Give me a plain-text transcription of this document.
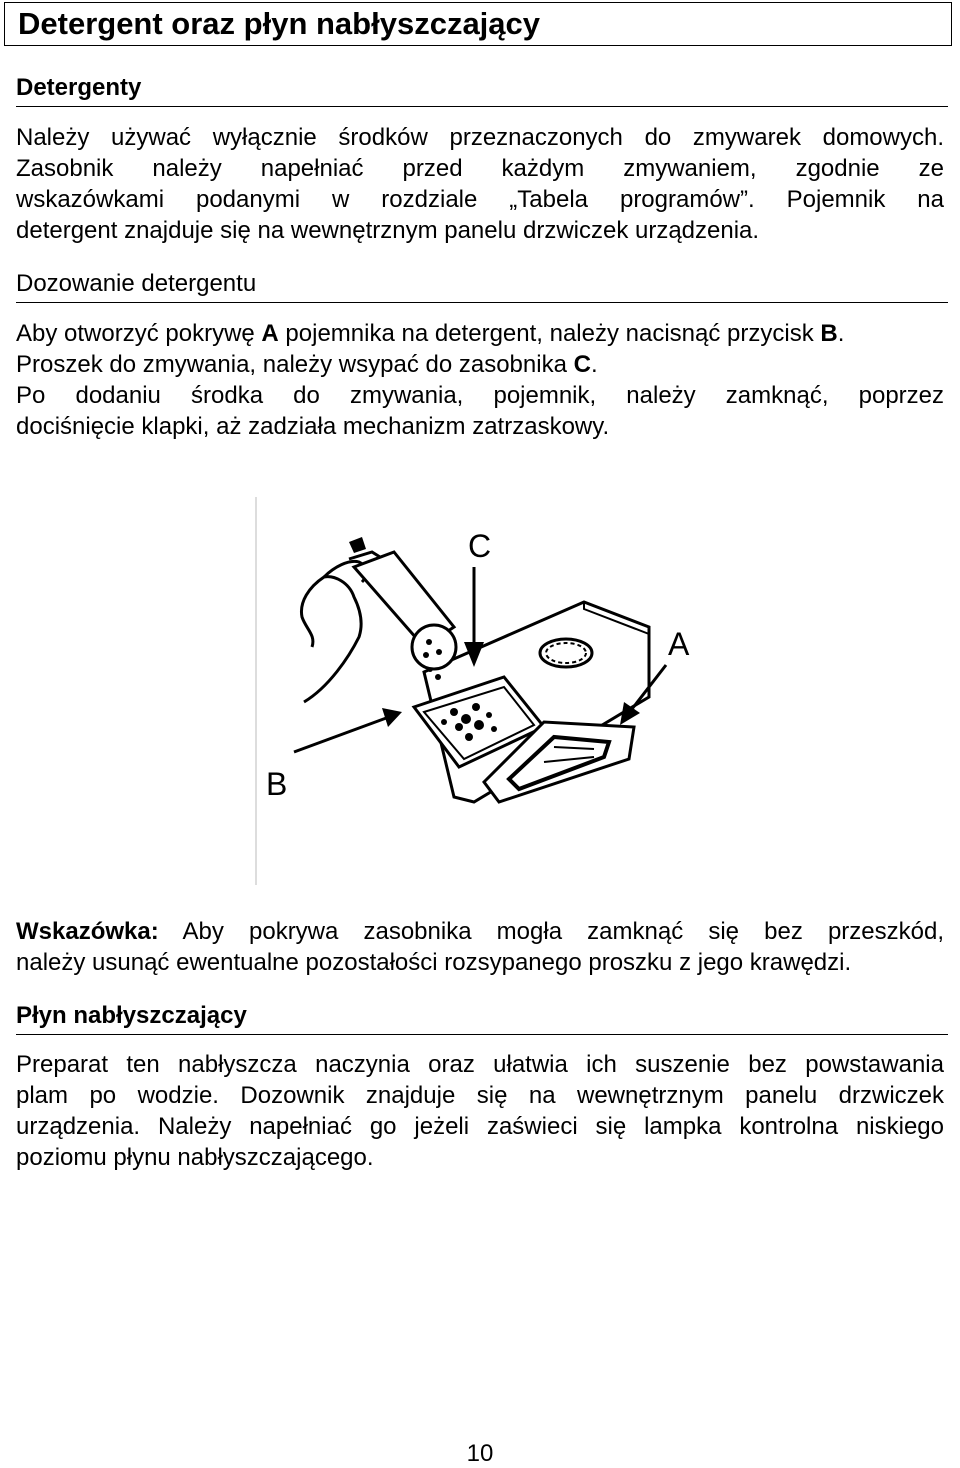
Detergent oraz płyn nabłyszczający
Detergenty
Należy używać wyłącznie środków przeznaczonych do zmywarek domowych.
Zasobnik należy napełniać przed każdym zmywaniem, zgodnie ze
wskazówkami podanymi w rozdziale „Tabela programów”. Pojemnik na
detergent znajduje się na wewnętrznym panelu drzwiczek urządzenia.
Dozowanie detergentu
Aby otworzyć pokrywę A pojemnika na detergent, należy nacisnąć przycisk B.
Proszek do zmywania, należy wsypać do zasobnika C.
Po dodaniu środka do zmywania, pojemnik, należy zamknąć, poprzez
dociśnięcie klapki, aż zadziała mechanizm zatrzaskowy.
C
A
B
Wskazówka: Aby pokrywa zasobnika mogła zamknąć się bez przeszkód,
należy usunąć ewentualne pozostałości rozsypanego proszku z jego krawędzi.
Płyn nabłyszczający
Preparat ten nabłyszcza naczynia oraz ułatwia ich suszenie bez powstawania
plam po wodzie. Dozownik znajduje się na wewnętrznym panelu drzwiczek
urządzenia. Należy napełniać go jeżeli zaświeci się lampka kontrolna niskiego
poziomu płynu nabłyszczającego.
10
